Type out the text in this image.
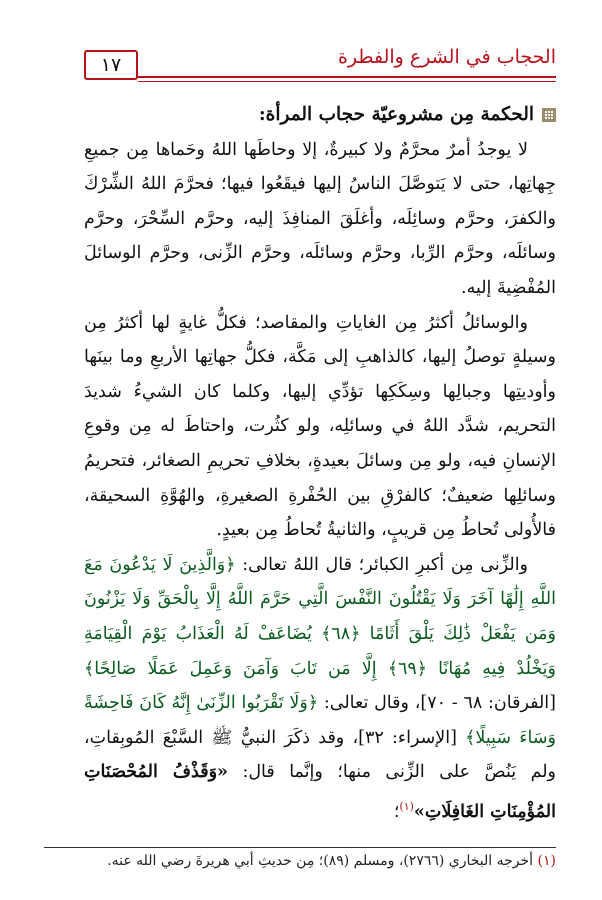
١٧	الحجاب في الشرع والفطرة
الحكمة مِن مشروعيّة حجاب المرأة:

لا يوجدُ أمرٌ محرَّمٌ ولا كبيرةٌ، إلا وحاطَها اللهُ وحَماها مِن جميعِ جِهاتِها، حتى لا يَتوصَّلَ الناسُ إليها فيقَعُوا فيها؛ فحرَّمَ اللهُ الشِّرْكَ والكفرَ، وحرَّم وسائِلَه، وأغلَقَ المنافِذَ إليه، وحرَّم السِّحْرَ، وحرَّم وسائلَه، وحرَّم الرِّبا، وحرَّم وسائلَه، وحرَّم الزِّنى، وحرَّم الوسائلَ المُفْضِيةَ إليه.

والوسائلُ أكثرُ مِن الغاياتِ والمقاصد؛ فكلُّ غايةٍ لها أكثرُ مِن وسيلةٍ توصلُ إليها، كالذاهبِ إلى مَكَّة، فكلُّ جهاتِها الأربعِ وما بينَها وأوديتِها وجبالِها وسِكَكِها تؤدِّي إليها، وكلما كان الشيءُ شديدَ التحريم، شدَّد اللهُ في وسائلِه، ولو كثُرت، واحتاطَ له مِن وقوعِ الإنسانِ فيه، ولو مِن وسائلَ بعيدةٍ، بخلافِ تحريمِ الصغائر، فتحريمُ وسائلِها ضعيفٌ؛ كالفرْقِ بين الحُفْرةِ الصغيرةِ، والهُوَّةِ السحيقة، فالأُولى تُحاطُ مِن قريبٍ، والثانيةُ تُحاطُ مِن بعيدٍ.

والزِّنى مِن أكبرِ الكبائر؛ قال اللهُ تعالى: ﴿وَالَّذِينَ لَا يَدْعُونَ مَعَ اللَّهِ إِلَٰهًا آخَرَ وَلَا يَقْتُلُونَ النَّفْسَ الَّتِي حَرَّمَ اللَّهُ إِلَّا بِالْحَقِّ وَلَا يَزْنُونَ وَمَن يَفْعَلْ ذَٰلِكَ يَلْقَ أَثَامًا ﴿٦٨﴾ يُضَاعَفْ لَهُ الْعَذَابُ يَوْمَ الْقِيَامَةِ وَيَخْلُدْ فِيهِ مُهَانًا ﴿٦٩﴾ إِلَّا مَن تَابَ وَآمَنَ وَعَمِلَ عَمَلًا صَالِحًا﴾ [الفرقان: ٦٨ - ٧٠]، وقال تعالى: ﴿وَلَا تَقْرَبُوا الزِّنَىٰ إِنَّهُ كَانَ فَاحِشَةً وَسَاءَ سَبِيلًا﴾ [الإسراء: ٣٢]، وقد ذكَرَ النبيُّ ﷺ السَّبْعَ المُوبِقاتِ، ولم يَنُصَّ على الزِّنى منها؛ وإنَّما قال: «وَقَذْفُ المُحْصَنَاتِ المُؤْمِنَاتِ الغَافِلَاتِ»$^{(١)}$؛

(١) أخرجه البخاري (٢٧٦٦)، ومسلم (٨٩)؛ مِن حديثِ أبي هريرةَ رضي الله عنه.
